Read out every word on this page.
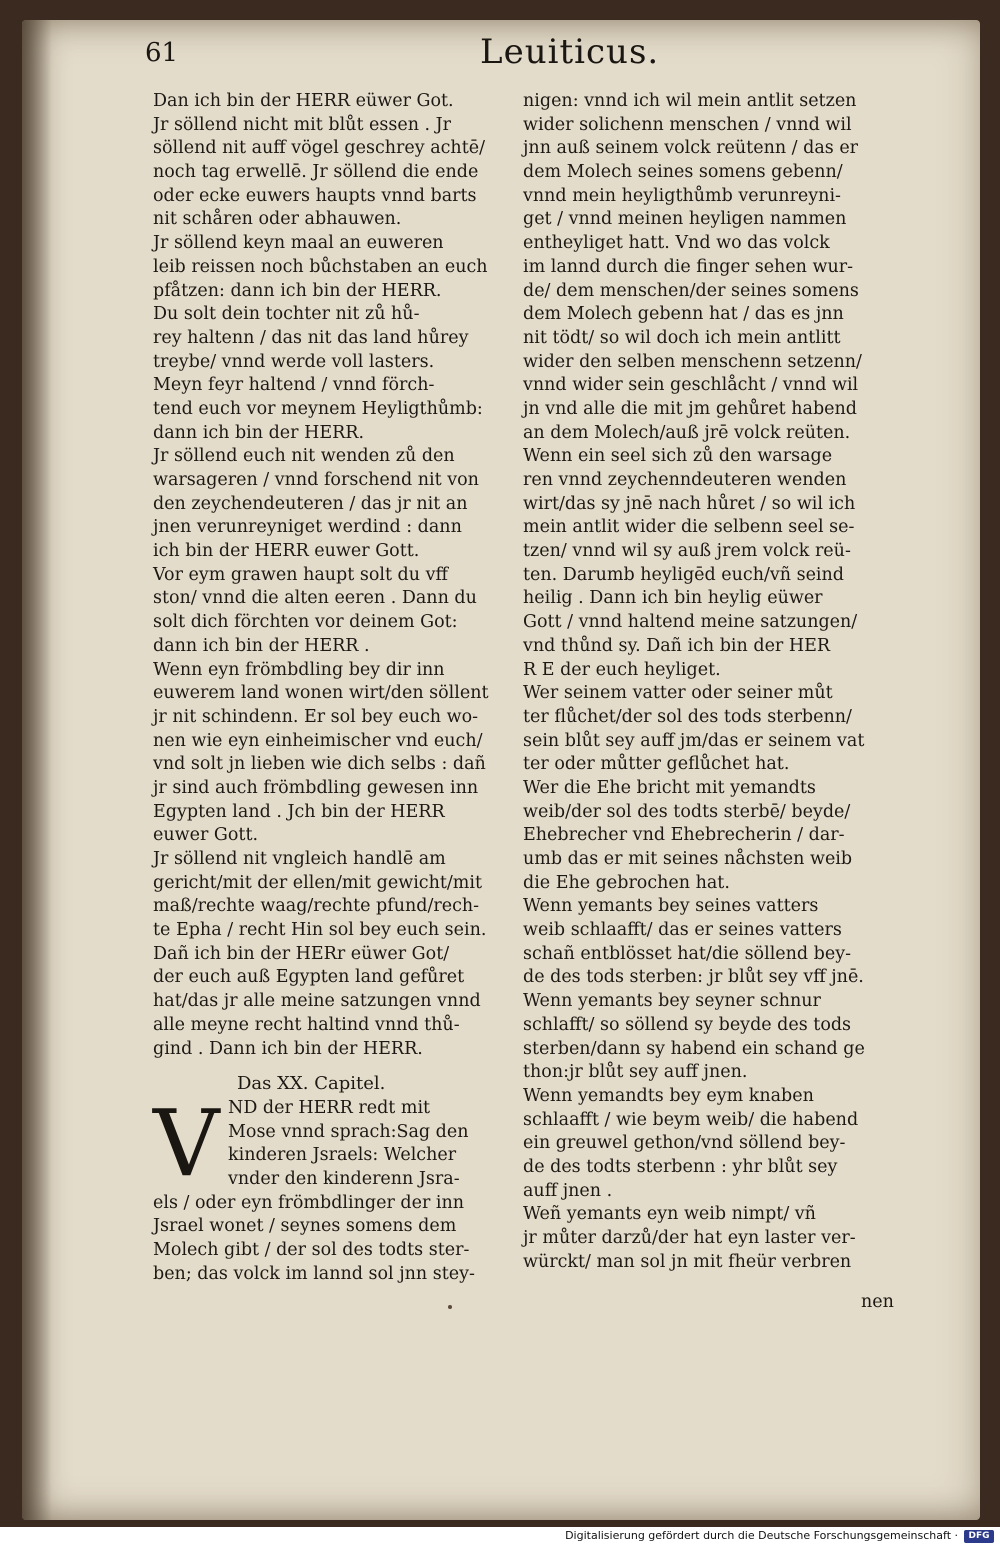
61	Leuiticus.
Dan ich bin der HERR eüwer Got.
Jr söllend nicht mit blůt essen . Jr
söllend nit auff vögel geschrey achtē/
noch tag erwellē. Jr söllend die ende
oder ecke euwers haupts vnnd barts
nit schåren oder abhauwen.
Jr söllend keyn maal an euweren
leib reissen noch bůchstaben an euch
pfåtzen: dann ich bin der HERR.
Du solt dein tochter nit zů hů-
rey haltenn / das nit das land hůrey
treybe/ vnnd werde voll lasters.
Meyn feyr haltend / vnnd förch-
tend euch vor meynem Heyligthůmb:
dann ich bin der HERR.
Jr söllend euch nit wenden zů den
warsageren / vnnd forschend nit von
den zeychendeuteren / das jr nit an
jnen verunreyniget werdind : dann
ich bin der HERR euwer Gott.
Vor eym grawen haupt solt du vff
ston/ vnnd die alten eeren . Dann du
solt dich förchten vor deinem Got:
dann ich bin der HERR .
Wenn eyn frömbdling bey dir inn
euwerem land wonen wirt/den söllent
jr nit schindenn. Er sol bey euch wo-
nen wie eyn einheimischer vnd euch/
vnd solt jn lieben wie dich selbs : dañ
jr sind auch frömbdling gewesen inn
Egypten land . Jch bin der HERR
euwer Gott.
Jr söllend nit vngleich handlē am
gericht/mit der ellen/mit gewicht/mit
maß/rechte waag/rechte pfund/rech-
te Epha / recht Hin sol bey euch sein.
Dañ ich bin der HERr eüwer Got/
der euch auß Egypten land gefůret
hat/das jr alle meine satzungen vnnd
alle meyne recht haltind vnnd thů-
gind . Dann ich bin der HERR.
nigen: vnnd ich wil mein antlit setzen
wider solichenn menschen / vnnd wil
jnn auß seinem volck reütenn / das er
dem Molech seines somens gebenn/
vnnd mein heyligthůmb verunreyni-
get / vnnd meinen heyligen nammen
entheyliget hatt. Vnd wo das volck
im lannd durch die finger sehen wur-
de/ dem menschen/der seines somens
dem Molech gebenn hat / das es jnn
nit tödt/ so wil doch ich mein antlitt
wider den selben menschenn setzenn/
vnnd wider sein geschlåcht / vnnd wil
jn vnd alle die mit jm gehůret habend
an dem Molech/auß jrē volck reüten.
Wenn ein seel sich zů den warsage
ren vnnd zeychenndeuteren wenden
wirt/das sy jnē nach hůret / so wil ich
mein antlit wider die selbenn seel se-
tzen/ vnnd wil sy auß jrem volck reü-
ten. Darumb heyligēd euch/vñ seind
heilig . Dann ich bin heylig eüwer
Gott / vnnd haltend meine satzungen/
vnd thůnd sy. Dañ ich bin der HER
R E der euch heyliget.
Wer seinem vatter oder seiner můt
ter flůchet/der sol des tods sterbenn/
sein blůt sey auff jm/das er seinem vat
ter oder můtter geflůchet hat.
Wer die Ehe bricht mit yemandts
weib/der sol des todts sterbē/ beyde/
Ehebrecher vnd Ehebrecherin / dar-
umb das er mit seines nåchsten weib
die Ehe gebrochen hat.
Wenn yemants bey seines vatters
weib schlaafft/ das er seines vatters
schañ entblösset hat/die söllend bey-
de des tods sterben: jr blůt sey vff jnē.
Wenn yemants bey seyner schnur
schlafft/ so söllend sy beyde des tods
sterben/dann sy habend ein schand ge
thon:jr blůt sey auff jnen.
Wenn yemandts bey eym knaben
schlaafft / wie beym weib/ die habend
ein greuwel gethon/vnd söllend bey-
de des todts sterbenn : yhr blůt sey
auff jnen .
Weñ yemants eyn weib nimpt/ vñ
jr můter darzů/der hat eyn laster ver-
würckt/ man sol jn mit fheür verbren
Das XX. Capitel.
V ND der HERR redt mit
Mose vnnd sprach:Sag den
kinderen Jsraels: Welcher
vnder den kinderenn Jsra-
els / oder eyn frömbdlinger der inn
Jsrael wonet / seynes somens dem
Molech gibt / der sol des todts ster-
ben; das volck im lannd sol jnn stey-
nen
Digitalisierung gefördert durch die Deutsche Forschungsgemeinschaft ·	DFG
